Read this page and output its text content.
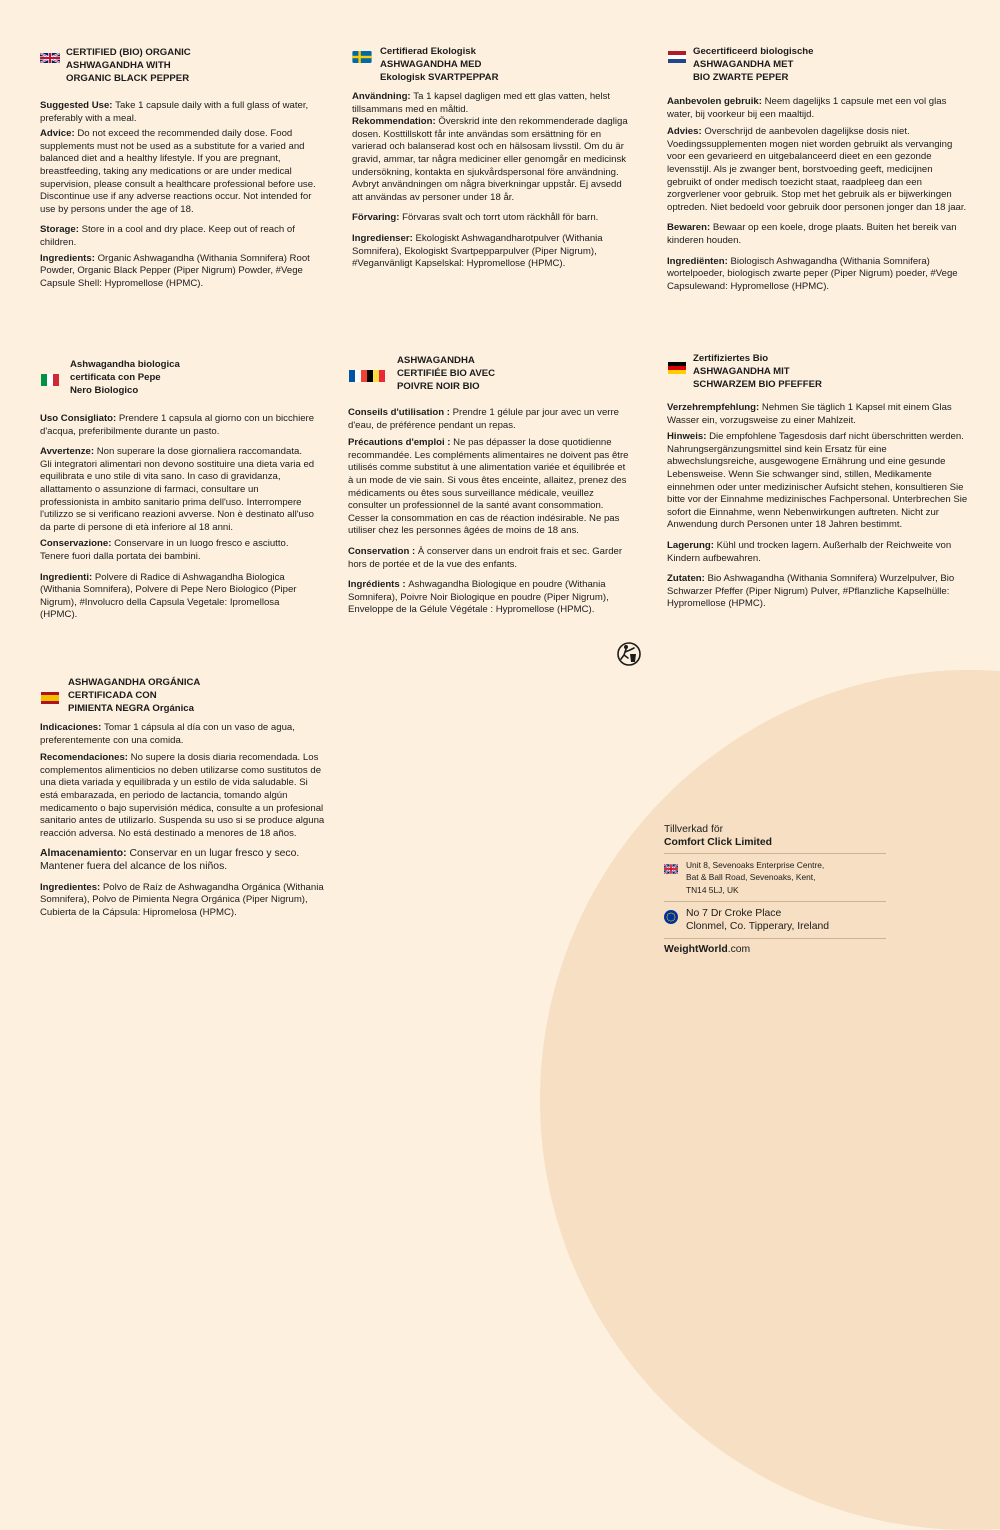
CERTIFIED (BIO) ORGANIC
ASHWAGANDHA WITH
ORGANIC BLACK PEPPER

Suggested Use: Take 1 capsule daily with a full glass of water, preferably with a meal.

Advice: Do not exceed the recommended daily dose. Food supplements must not be used as a substitute for a varied and balanced diet and a healthy lifestyle. If you are pregnant, breastfeeding, taking any medications or are under medical supervision, please consult a healthcare professional before use. Discontinue use if any adverse reactions occur. Not intended for use by persons under the age of 18.

Storage: Store in a cool and dry place. Keep out of reach of children.

Ingredients: Organic Ashwagandha (Withania Somnifera) Root Powder, Organic Black Pepper (Piper Nigrum) Powder, #Vege Capsule Shell: Hypromellose (HPMC).

Certifierad Ekologisk
ASHWAGANDHA MED
Ekologisk SVARTPEPPAR

Användning: Ta 1 kapsel dagligen med ett glas vatten, helst tillsammans med en måltid.

Rekommendation: Överskrid inte den rekommenderade dagliga dosen. Kosttillskott får inte användas som ersättning för en varierad och balanserad kost och en hälsosam livsstil. Om du är gravid, ammar, tar några mediciner eller genomgår en medicinsk undersökning, kontakta en sjukvårdspersonal före användning. Avbryt användningen om några biverkningar uppstår. Ej avsedd att användas av personer under 18 år.

Förvaring: Förvaras svalt och torrt utom räckhåll för barn.

Ingredienser: Ekologiskt Ashwagandharotpulver (Withania Somnifera), Ekologiskt Svartpepparpulver (Piper Nigrum), #Veganvänligt Kapselskal: Hypromellose (HPMC).

Gecertificeerd biologische
ASHWAGANDHA MET
BIO ZWARTE PEPER

Aanbevolen gebruik: Neem dagelijks 1 capsule met een vol glas water, bij voorkeur bij een maaltijd.

Advies: Overschrijd de aanbevolen dagelijkse dosis niet. Voedingssupplementen mogen niet worden gebruikt als vervanging voor een gevarieerd en uitgebalanceerd dieet en een gezonde levensstijl. Als je zwanger bent, borstvoeding geeft, medicijnen gebruikt of onder medisch toezicht staat, raadpleeg dan een zorgverlener voor gebruik. Stop met het gebruik als er bijwerkingen optreden. Niet bedoeld voor gebruik door personen jonger dan 18 jaar.

Bewaren: Bewaar op een koele, droge plaats. Buiten het bereik van kinderen houden.

Ingrediënten: Biologisch Ashwagandha (Withania Somnifera) wortelpoeder, biologisch zwarte peper (Piper Nigrum) poeder, #Vege Capsulewand: Hypromellose (HPMC).

Ashwagandha biologica
certificata con Pepe
Nero Biologico

Uso Consigliato: Prendere 1 capsula al giorno con un bicchiere d'acqua, preferibilmente durante un pasto.

Avvertenze: Non superare la dose giornaliera raccomandata. Gli integratori alimentari non devono sostituire una dieta varia ed equilibrata e uno stile di vita sano. In caso di gravidanza, allattamento o assunzione di farmaci, consultare un professionista in ambito sanitario prima dell'uso. Interrompere l'utilizzo se si verificano reazioni avverse. Non è destinato all'uso da parte di persone di età inferiore al 18 anni.

Conservazione: Conservare in un luogo fresco e asciutto. Tenere fuori dalla portata dei bambini.

Ingredienti: Polvere di Radice di Ashwagandha Biologica (Withania Somnifera), Polvere di Pepe Nero Biologico (Piper Nigrum), #Involucro della Capsula Vegetale: Ipromellosa (HPMC).

ASHWAGANDHA
CERTIFIÉE BIO AVEC
POIVRE NOIR BIO

Conseils d'utilisation : Prendre 1 gélule par jour avec un verre d'eau, de préférence pendant un repas.

Précautions d'emploi : Ne pas dépasser la dose quotidienne recommandée. Les compléments alimentaires ne doivent pas être utilisés comme substitut à une alimentation variée et équilibrée et à un mode de vie sain. Si vous êtes enceinte, allaitez, prenez des médicaments ou êtes sous surveillance médicale, veuillez consulter un professionnel de la santé avant consommation. Cesser la consommation en cas de réaction indésirable. Ne pas utiliser chez les personnes âgées de moins de 18 ans.

Conservation : À conserver dans un endroit frais et sec. Garder hors de portée et de la vue des enfants.

Ingrédients : Ashwagandha Biologique en poudre (Withania Somnifera), Poivre Noir Biologique en poudre (Piper Nigrum), Enveloppe de la Gélule Végétale : Hypromellose (HPMC).

Zertifiziertes Bio
ASHWAGANDHA MIT
SCHWARZEM BIO PFEFFER

Verzehrempfehlung: Nehmen Sie täglich 1 Kapsel mit einem Glas Wasser ein, vorzugsweise zu einer Mahlzeit.

Hinweis: Die empfohlene Tagesdosis darf nicht überschritten werden. Nahrungsergänzungsmittel sind kein Ersatz für eine abwechslungsreiche, ausgewogene Ernährung und eine gesunde Lebensweise. Wenn Sie schwanger sind, stillen, Medikamente einnehmen oder unter medizinischer Aufsicht stehen, konsultieren Sie bitte vor der Einnahme medizinisches Fachpersonal. Unterbrechen Sie sofort die Einnahme, wenn Nebenwirkungen auftreten. Nicht zur Anwendung durch Personen unter 18 Jahren bestimmt.

Lagerung: Kühl und trocken lagern. Außerhalb der Reichweite von Kindern aufbewahren.

Zutaten: Bio Ashwagandha (Withania Somnifera) Wurzelpulver, Bio Schwarzer Pfeffer (Piper Nigrum) Pulver, #Pflanzliche Kapselhülle: Hypromellose (HPMC).

ASHWAGANDHA ORGÁNICA
CERTIFICADA CON
PIMIENTA NEGRA Orgánica

Indicaciones: Tomar 1 cápsula al día con un vaso de agua, preferentemente con una comida.

Recomendaciones: No supere la dosis diaria recomendada. Los complementos alimenticios no deben utilizarse como sustitutos de una dieta variada y equilibrada y un estilo de vida saludable. Si está embarazada, en periodo de lactancia, tomando algún medicamento o bajo supervisión médica, consulte a un profesional sanitario antes de utilizarlo. Suspenda su uso si se produce alguna reacción adversa. No está destinado a menores de 18 años.

Almacenamiento: Conservar en un lugar fresco y seco. Mantener fuera del alcance de los niños.

Ingredientes: Polvo de Raíz de Ashwagandha Orgánica (Withania Somnifera), Polvo de Pimienta Negra Orgánica (Piper Nigrum), Cubierta de la Cápsula: Hipromelosa (HPMC).

Tillverkad för
Comfort Click Limited
Unit 8, Sevenoaks Enterprise Centre,
Bat & Ball Road, Sevenoaks, Kent,
TN14 5LJ, UK
No 7 Dr Croke Place
Clonmel, Co. Tipperary, Ireland
WeightWorld.com
